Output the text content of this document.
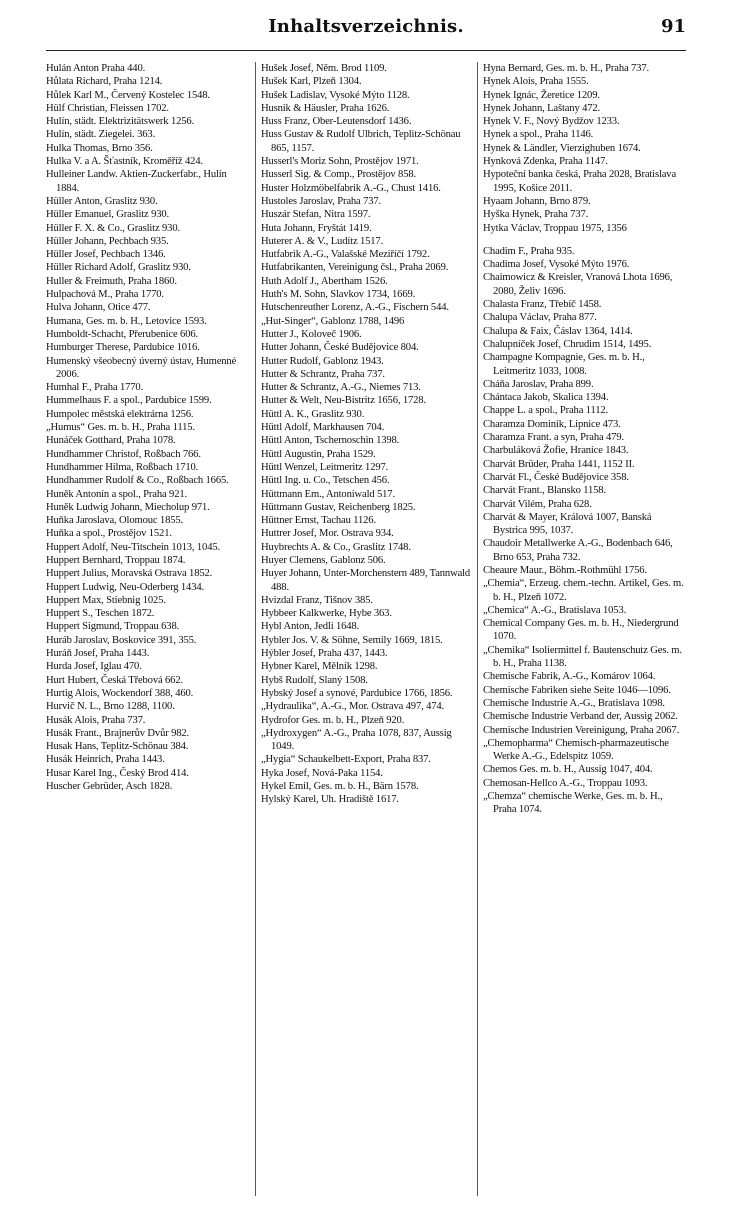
Inhaltsverzeichnis.	91
Hulán Anton Praha 440.
Hůlata Richard, Praha 1214.
Hůlek Karl M., Červený Kostelec 1548.
Hülf Christian, Fleissen 1702.
Hulín, städt. Elektrizitätswerk 1256.
Hulín, städt. Ziegelei. 363.
Hulka Thomas, Brno 356.
Hulka V. a A. Šťastník, Kroměříž 424.
Hulleiner Landw. Aktien-Zuckerfabr., Hulín 1884.
Hüller Anton, Graslitz 930.
Hüller Emanuel, Graslitz 930.
Hüller F. X. & Co., Graslitz 930.
Hüller Johann, Pechbach 935.
Hüller Josef, Pechbach 1346.
Hüller Richard Adolf, Graslitz 930.
Huller & Freimuth, Praha 1860.
Hulpachová M., Praha 1770.
Hulva Johann, Otice 477.
Humana, Ges. m. b. H., Letovice 1593.
Humboldt-Schacht, Přerubenice 606.
Humburger Therese, Pardubice 1016.
Humenský všeobecný úverný ústav, Humenné 2006.
Humhal F., Praha 1770.
Hummelhaus F. a spol., Pardubice 1599.
Humpolec městská elektrárna 1256.
„Humus“ Ges. m. b. H., Praha 1115.
Hunáček Gotthard, Praha 1078.
Hundhammer Christof, Roßbach 766.
Hundhammer Hilma, Roßbach 1710.
Hundhammer Rudolf & Co., Roßbach 1665.
Huněk Antonín a spol., Praha 921.
Huněk Ludwig Johann, Miecholup 971.
Huňka Jaroslava, Olomouc 1855.
Huňka a spol., Prostějov 1521.
Huppert Adolf, Neu-Titschein 1013, 1045.
Huppert Bernhard, Troppau 1874.
Huppert Julius, Moravská Ostrava 1852.
Huppert Ludwig, Neu-Oderberg 1434.
Huppert Max, Stiebnig 1025.
Huppert S., Teschen 1872.
Huppert Sigmund, Troppau 638.
Huráb Jaroslav, Boskovice 391, 355.
Huráň Josef, Praha 1443.
Hurda Josef, Iglau 470.
Hurt Hubert, Česká Třebová 662.
Hurtig Alois, Wockendorf 388, 460.
Hurvič N. L., Brno 1288, 1100.
Husák Alois, Praha 737.
Husák Frant., Brajnerův Dvůr 982.
Husak Hans, Teplitz-Schönau 384.
Husák Heinrich, Praha 1443.
Husar Karel Ing., Český Brod 414.
Huscher Gebrüder, Asch 1828.
Hušek Josef, Něm. Brod 1109.
Hušek Karl, Plzeň 1304.
Hušek Ladislav, Vysoké Mýto 1128.
Husnik & Häusler, Praha 1626.
Huss Franz, Ober-Leutensdorf 1436.
Huss Gustav & Rudolf Ulbrich, Teplitz-Schönau 865, 1157.
Husserl's Moriz Sohn, Prostějov 1971.
Husserl Sig. & Comp., Prostějov 858.
Huster Holzmöbelfabrik A.-G., Chust 1416.
Hustoles Jaroslav, Praha 737.
Huszár Stefan, Nitra 1597.
Huta Johann, Fryštát 1419.
Huterer A. & V., Ludítz 1517.
Hutfabrik A.-G., Valašské Meziříčí 1792.
Hutfabrikanten, Vereinigung čsl., Praha 2069.
Huth Adolf J., Abertham 1526.
Huth's M. Sohn, Slavkov 1734, 1669.
Hutschenreuther Lorenz, A.-G., Fischern 544.
„Hut-Singer“, Gablonz 1788, 1496
Hutter J., Koloveč 1906.
Hutter Johann, České Budějovice 804.
Hutter Rudolf, Gablonz 1943.
Hutter & Schrantz, Praha 737.
Hutter & Schrantz, A.-G., Niemes 713.
Hutter & Welt, Neu-Bistritz 1656, 1728.
Hüttl A. K., Graslitz 930.
Hüttl Adolf, Markhausen 704.
Hüttl Anton, Tschernoschin 1398.
Hüttl Augustin, Praha 1529.
Hüttl Wenzel, Leitmeritz 1297.
Hüttl Ing. u. Co., Tetschen 456.
Hüttmann Em., Antoniwald 517.
Hüttmann Gustav, Reichenberg 1825.
Hüttner Ernst, Tachau 1126.
Huttrer Josef, Mor. Ostrava 934.
Huybrechts A. & Co., Graslitz 1748.
Huyer Clemens, Gablonz 506.
Huyer Johann, Unter-Morchenstern 489, Tannwald 488.
Hvizdal Franz, Tišnov 385.
Hybbeer Kalkwerke, Hybe 363.
Hybl Anton, Jedli 1648.
Hybler Jos. V. & Söhne, Semily 1669, 1815.
Hýbler Josef, Praha 437, 1443.
Hybner Karel, Mělník 1298.
Hybš Rudolf, Slaný 1508.
Hybský Josef a synové, Pardubice 1766, 1856.
„Hydraulika“, A.-G., Mor. Ostrava 497, 474.
Hydrofor Ges. m. b. H., Plzeň 920.
„Hydroxygen“ A.-G., Praha 1078, 837, Aussig 1049.
„Hygia“ Schaukelbett-Export, Praha 837.
Hyka Josef, Nová-Paka 1154.
Hykel Emil, Ges. m. b. H., Bärn 1578.
Hylský Karel, Uh. Hradiště 1617.
Hyna Bernard, Ges. m. b. H., Praha 737.
Hynek Alois, Praha 1555.
Hynek Ignác, Žeretice 1209.
Hynek Johann, Laštany 472.
Hynek V. F., Nový Bydžov 1233.
Hynek a spol., Praha 1146.
Hynek & Ländler, Vierzighuben 1674.
Hynková Zdenka, Praha 1147.
Hypoteční banka česká, Praha 2028, Bratislava 1995, Košice 2011.
Hyaam Johann, Brno 879.
Hyška Hynek, Praha 737.
Hytka Václav, Troppau 1975, 1356
Chadim F., Praha 935.
Chadima Josef, Vysoké Mýto 1976.
Chaimowicz & Kreisler, Vranová Lhota 1696, 2080, Želiv 1696.
Chalasta Franz, Třebíč 1458.
Chalupa Václav, Praha 877.
Chalupa & Faix, Čáslav 1364, 1414.
Chalupníček Josef, Chrudim 1514, 1495.
Champagne Kompagnie, Ges. m. b. H., Leitmeritz 1033, 1008.
Cháňa Jaroslav, Praha 899.
Chántaca Jakob, Skalica 1394.
Chappe L. a spol., Praha 1112.
Charamza Dominik, Lipnice 473.
Charamza Frant. a syn, Praha 479.
Charbuláková Žofie, Hranice 1843.
Charvát Brüder, Praha 1441, 1152 II.
Charvát Fl., České Budějovice 358.
Charvát Frant., Blansko 1158.
Charvát Vilém, Praha 628.
Charvát & Mayer, Králová 1007, Banská Bystrica 995, 1037.
Chaudoir Metallwerke A.-G., Bodenbach 646, Brno 653, Praha 732.
Cheaure Maur., Böhm.-Rothmühl 1756.
„Chemia“, Erzeug. chem.-techn. Artikel, Ges. m. b. H., Plzeň 1072.
„Chemica“ A.-G., Bratislava 1053.
Chemical Company Ges. m. b. H., Niedergrund 1070.
„Chemika“ Isoliermittel f. Bautenschutz Ges. m. b. H., Praha 1138.
Chemische Fabrik, A.-G., Komárov 1064.
Chemische Fabriken siehe Seite 1046—1096.
Chemische Industrie A.-G., Bratislava 1098.
Chemische Industrie Verband der, Aussig 2062.
Chemische Industrien Vereinigung, Praha 2067.
„Chemopharma“ Chemisch-pharmazeutische Werke A.-G., Edelspitz 1059.
Chemos Ges. m. b. H., Aussig 1047, 404.
Chemosan-Hellco A.-G., Troppau 1093.
„Chemza“ chemische Werke, Ges. m. b. H., Praha 1074.
